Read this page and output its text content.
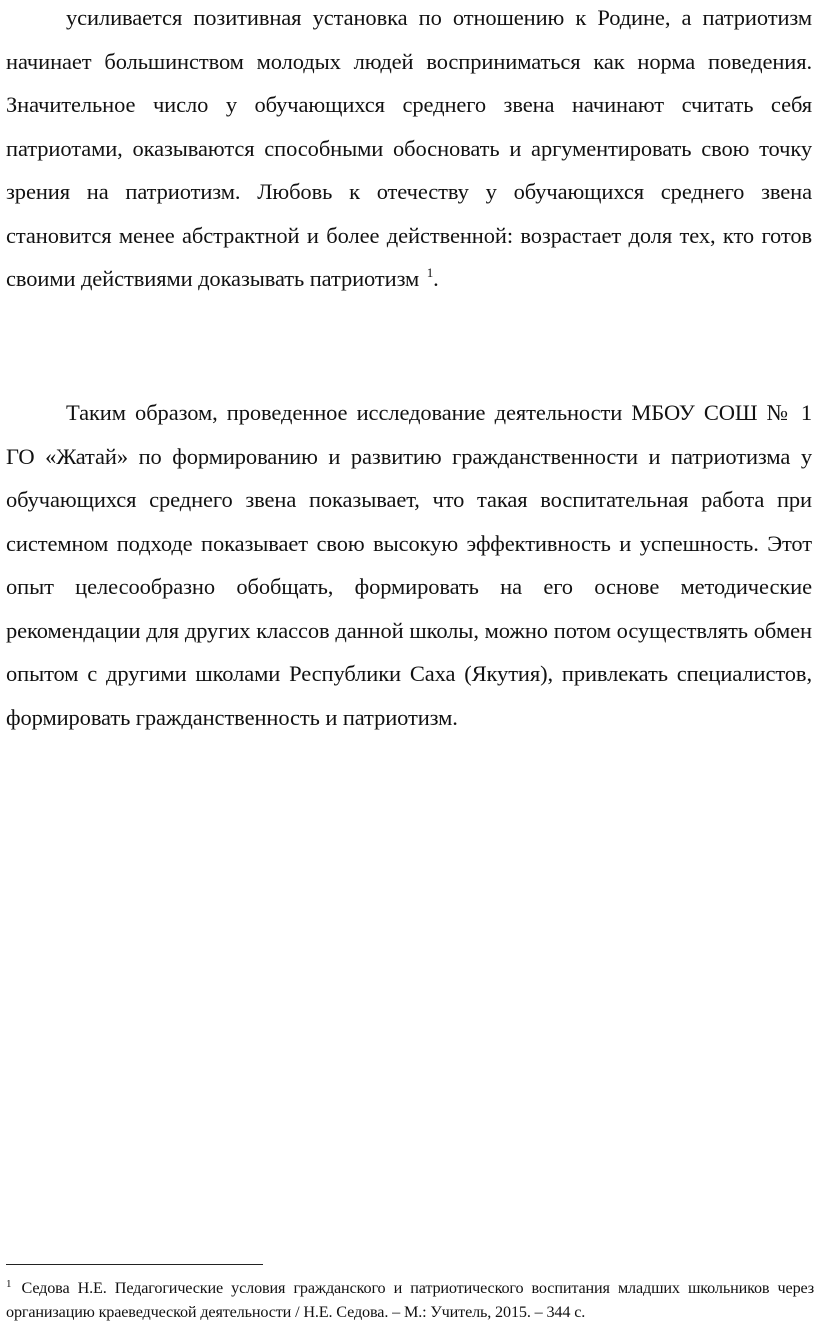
усиливается позитивная установка по отношению к Родине, а патриотизм начинает большинством молодых людей восприниматься как норма поведения. Значительное число у обучающихся среднего звена начинают считать себя патриотами, оказываются способными обосновать и аргументировать свою точку зрения на патриотизм. Любовь к отечеству у обучающихся среднего звена становится менее абстрактной и более действенной: возрастает доля тех, кто готов своими действиями доказывать патриотизм $^1$.

Таким образом, проведенное исследование деятельности МБОУ СОШ № 1 ГО «Жатай» по формированию и развитию гражданственности и патриотизма у обучающихся среднего звена показывает, что такая воспитательная работа при системном подходе показывает свою высокую эффективность и успешность. Этот опыт целесообразно обобщать, формировать на его основе методические рекомендации для других классов данной школы, можно потом осуществлять обмен опытом с другими школами Республики Саха (Якутия), привлекать специалистов, формировать гражданственность и патриотизм.

$^1$ Седова Н.Е. Педагогические условия гражданского и патриотического воспитания младших школьников через организацию краеведческой деятельности / Н.Е. Седова. – М.: Учитель, 2015. – 344 с.
